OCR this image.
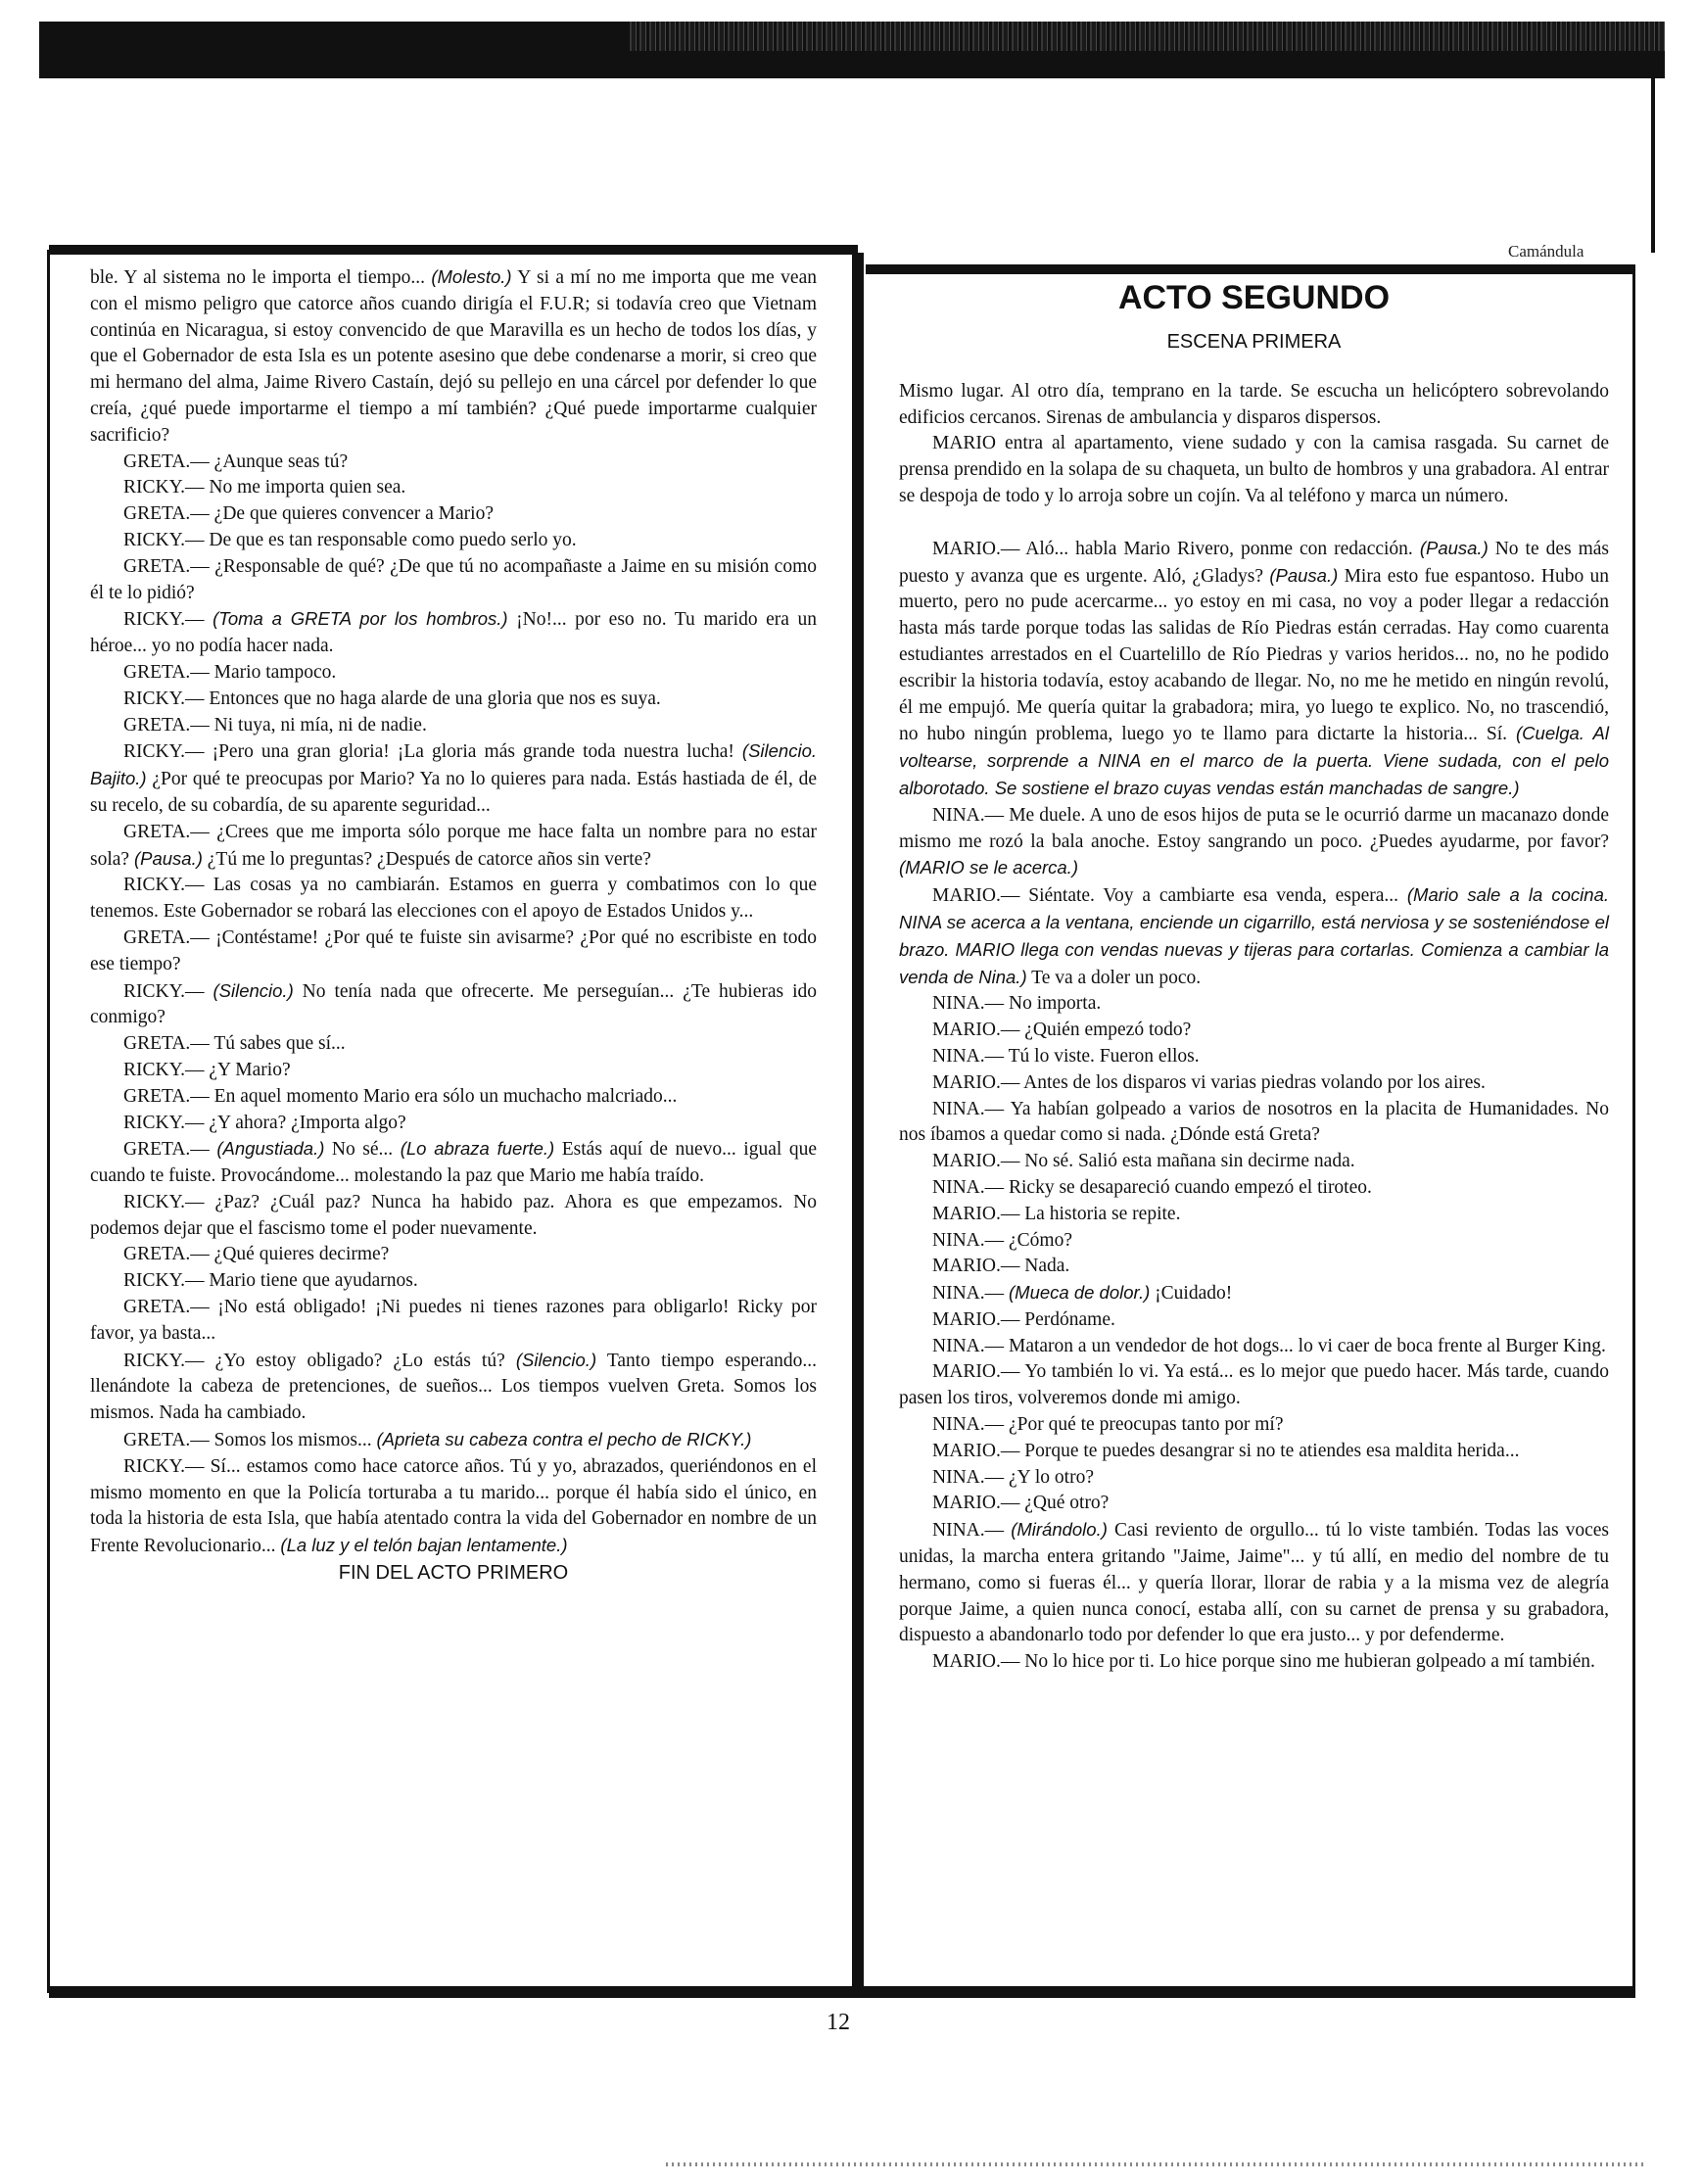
Camándula
12

ble. Y al sistema no le importa el tiempo... (Molesto.) Y si a mí no me importa que me vean con el mismo peligro que catorce años cuando dirigía el F.U.R; si todavía creo que Vietnam continúa en Nicaragua, si estoy convencido de que Maravilla es un hecho de todos los días, y que el Gobernador de esta Isla es un potente asesino que debe condenarse a morir, si creo que mi hermano del alma, Jaime Rivero Castaín, dejó su pellejo en una cárcel por defender lo que creía, ¿qué puede importarme el tiempo a mí también? ¿Qué puede importarme cualquier sacrificio?

GRETA.— ¿Aunque seas tú?

RICKY.— No me importa quien sea.

GRETA.— ¿De que quieres convencer a Mario?

RICKY.— De que es tan responsable como puedo serlo yo.

GRETA.— ¿Responsable de qué? ¿De que tú no acompañaste a Jaime en su misión como él te lo pidió?

RICKY.— (Toma a GRETA por los hombros.) ¡No!... por eso no. Tu marido era un héroe... yo no podía hacer nada.

GRETA.— Mario tampoco.

RICKY.— Entonces que no haga alarde de una gloria que nos es suya.

GRETA.— Ni tuya, ni mía, ni de nadie.

RICKY.— ¡Pero una gran gloria! ¡La gloria más grande toda nuestra lucha! (Silencio. Bajito.) ¿Por qué te preocupas por Mario? Ya no lo quieres para nada. Estás hastiada de él, de su recelo, de su cobardía, de su aparente seguridad...

GRETA.— ¿Crees que me importa sólo porque me hace falta un nombre para no estar sola? (Pausa.) ¿Tú me lo preguntas? ¿Después de catorce años sin verte?

RICKY.— Las cosas ya no cambiarán. Estamos en guerra y combatimos con lo que tenemos. Este Gobernador se robará las elecciones con el apoyo de Estados Unidos y...

GRETA.— ¡Contéstame! ¿Por qué te fuiste sin avisarme? ¿Por qué no escribiste en todo ese tiempo?

RICKY.— (Silencio.) No tenía nada que ofrecerte. Me perseguían... ¿Te hubieras ido conmigo?

GRETA.— Tú sabes que sí...

RICKY.— ¿Y Mario?

GRETA.— En aquel momento Mario era sólo un muchacho malcriado...

RICKY.— ¿Y ahora? ¿Importa algo?

GRETA.— (Angustiada.) No sé... (Lo abraza fuerte.) Estás aquí de nuevo... igual que cuando te fuiste. Provocándome... molestando la paz que Mario me había traído.

RICKY.— ¿Paz? ¿Cuál paz? Nunca ha habido paz. Ahora es que empezamos. No podemos dejar que el fascismo tome el poder nuevamente.

GRETA.— ¿Qué quieres decirme?

RICKY.— Mario tiene que ayudarnos.

GRETA.— ¡No está obligado! ¡Ni puedes ni tienes razones para obligarlo! Ricky por favor, ya basta...

RICKY.— ¿Yo estoy obligado? ¿Lo estás tú? (Silencio.) Tanto tiempo esperando... llenándote la cabeza de pretenciones, de sueños... Los tiempos vuelven Greta. Somos los mismos. Nada ha cambiado.

GRETA.— Somos los mismos... (Aprieta su cabeza contra el pecho de RICKY.)

RICKY.— Sí... estamos como hace catorce años. Tú y yo, abrazados, queriéndonos en el mismo momento en que la Policía torturaba a tu marido... porque él había sido el único, en toda la historia de esta Isla, que había atentado contra la vida del Gobernador en nombre de un Frente Revolucionario... (La luz y el telón bajan lentamente.)

FIN DEL ACTO PRIMERO

ACTO SEGUNDO
ESCENA PRIMERA

Mismo lugar. Al otro día, temprano en la tarde. Se escucha un helicóptero sobrevolando edificios cercanos. Sirenas de ambulancia y disparos dispersos.

MARIO entra al apartamento, viene sudado y con la camisa rasgada. Su carnet de prensa prendido en la solapa de su chaqueta, un bulto de hombros y una grabadora. Al entrar se despoja de todo y lo arroja sobre un cojín. Va al teléfono y marca un número.

MARIO.— Aló... habla Mario Rivero, ponme con redacción. (Pausa.) No te des más puesto y avanza que es urgente. Aló, ¿Gladys? (Pausa.) Mira esto fue espantoso. Hubo un muerto, pero no pude acercarme... yo estoy en mi casa, no voy a poder llegar a redacción hasta más tarde porque todas las salidas de Río Piedras están cerradas. Hay como cuarenta estudiantes arrestados en el Cuartelillo de Río Piedras y varios heridos... no, no he podido escribir la historia todavía, estoy acabando de llegar. No, no me he metido en ningún revolú, él me empujó. Me quería quitar la grabadora; mira, yo luego te explico. No, no trascendió, no hubo ningún problema, luego yo te llamo para dictarte la historia... Sí. (Cuelga. Al voltearse, sorprende a NINA en el marco de la puerta. Viene sudada, con el pelo alborotado. Se sostiene el brazo cuyas vendas están manchadas de sangre.)

NINA.— Me duele. A uno de esos hijos de puta se le ocurrió darme un macanazo donde mismo me rozó la bala anoche. Estoy sangrando un poco. ¿Puedes ayudarme, por favor? (MARIO se le acerca.)

MARIO.— Siéntate. Voy a cambiarte esa venda, espera... (Mario sale a la cocina. NINA se acerca a la ventana, enciende un cigarrillo, está nerviosa y se sosteniéndose el brazo. MARIO llega con vendas nuevas y tijeras para cortarlas. Comienza a cambiar la venda de Nina.) Te va a doler un poco.

NINA.— No importa.

MARIO.— ¿Quién empezó todo?

NINA.— Tú lo viste. Fueron ellos.

MARIO.— Antes de los disparos vi varias piedras volando por los aires.

NINA.— Ya habían golpeado a varios de nosotros en la placita de Humanidades. No nos íbamos a quedar como si nada. ¿Dónde está Greta?

MARIO.— No sé. Salió esta mañana sin decirme nada.

NINA.— Ricky se desapareció cuando empezó el tiroteo.

MARIO.— La historia se repite.

NINA.— ¿Cómo?

MARIO.— Nada.

NINA.— (Mueca de dolor.) ¡Cuidado!

MARIO.— Perdóname.

NINA.— Mataron a un vendedor de hot dogs... lo vi caer de boca frente al Burger King.

MARIO.— Yo también lo vi. Ya está... es lo mejor que puedo hacer. Más tarde, cuando pasen los tiros, volveremos donde mi amigo.

NINA.— ¿Por qué te preocupas tanto por mí?

MARIO.— Porque te puedes desangrar si no te atiendes esa maldita herida...

NINA.— ¿Y lo otro?

MARIO.— ¿Qué otro?

NINA.— (Mirándolo.) Casi reviento de orgullo... tú lo viste también. Todas las voces unidas, la marcha entera gritando "Jaime, Jaime"... y tú allí, en medio del nombre de tu hermano, como si fueras él... y quería llorar, llorar de rabia y a la misma vez de alegría porque Jaime, a quien nunca conocí, estaba allí, con su carnet de prensa y su grabadora, dispuesto a abandonarlo todo por defender lo que era justo... y por defenderme.

MARIO.— No lo hice por ti. Lo hice porque sino me hubieran golpeado a mí también.
